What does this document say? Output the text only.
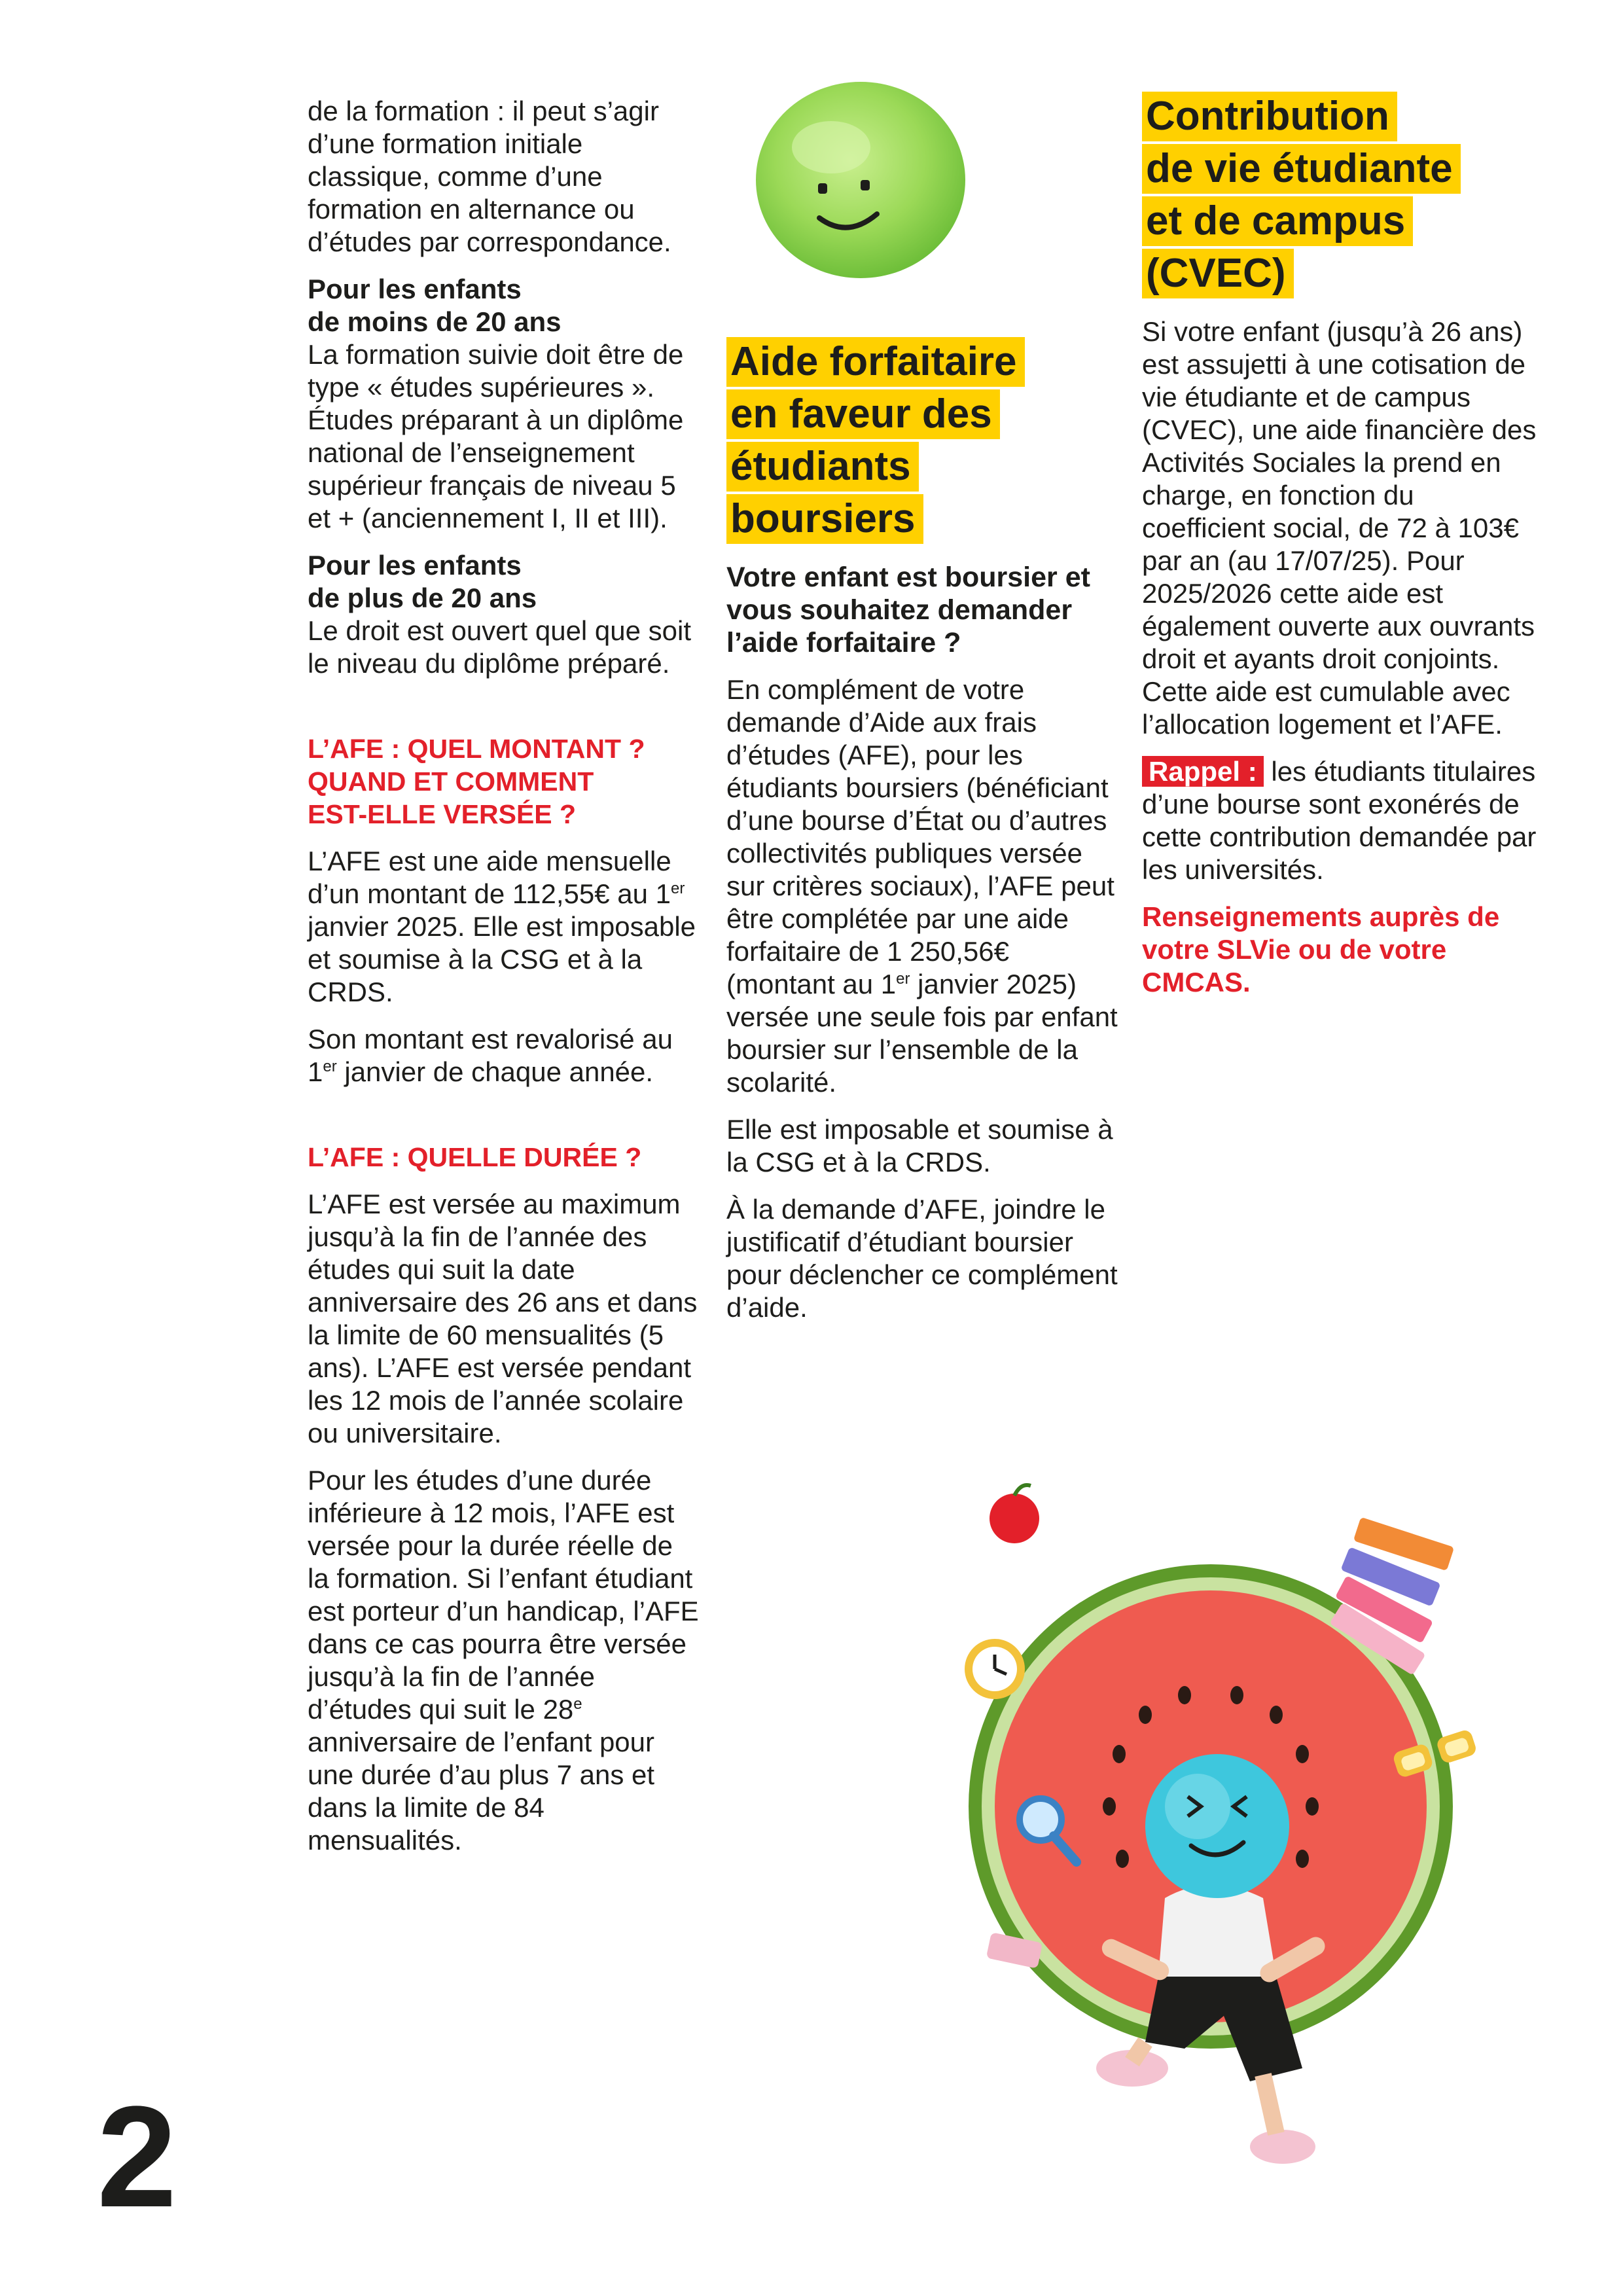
de la formation : il peut s’agir d’une formation initiale classique, comme d’une formation en alternance ou d’études par correspondance.

Pour les enfants
de moins de 20 ans

La formation suivie doit être de type « études supérieures ». Études préparant à un diplôme national de l’enseignement supérieur français de niveau 5 et + (anciennement I, II et III).

Pour les enfants
de plus de 20 ans

Le droit est ouvert quel que soit le niveau du diplôme préparé.

L’AFE : QUEL MONTANT ?
QUAND ET COMMENT
EST-ELLE VERSÉE ?

L’AFE est une aide mensuelle d’un montant de 112,55€ au 1er janvier 2025. Elle est imposable et soumise à la CSG et à la CRDS.

Son montant est revalorisé au 1er janvier de chaque année.

L’AFE : QUELLE DURÉE ?

L’AFE est versée au maximum jusqu’à la fin de l’année des études qui suit la date anniversaire des 26 ans et dans la limite de 60 mensualités (5 ans). L’AFE est versée pendant les 12 mois de l’année scolaire ou universitaire.

Pour les études d’une durée inférieure à 12 mois, l’AFE est versée pour la durée réelle de la formation. Si l’enfant étudiant est porteur d’un handicap, l’AFE dans ce cas pourra être versée jusqu’à la fin de l’année d’études qui suit le 28e anniversaire de l’enfant pour une durée d’au plus 7 ans et dans la limite de 84 mensualités.

Aide forfaitaire
en faveur des
étudiants
boursiers

Votre enfant est boursier et vous souhaitez demander l’aide forfaitaire ?

En complément de votre demande d’Aide aux frais d’études (AFE), pour les étudiants boursiers (bénéficiant d’une bourse d’État ou d’autres collectivités publiques versée sur critères sociaux), l’AFE peut être complétée par une aide forfaitaire de 1 250,56€ (montant au 1er janvier 2025) versée une seule fois par enfant boursier sur l’ensemble de la scolarité.

Elle est imposable et soumise à la CSG et à la CRDS.

À la demande d’AFE, joindre le justificatif d’étudiant boursier pour déclencher ce complément d’aide.

Contribution
de vie étudiante
et de campus
(CVEC)

Si votre enfant (jusqu’à 26 ans) est assujetti à une cotisation de vie étudiante et de campus (CVEC), une aide financière des Activités Sociales la prend en charge, en fonction du coefficient social, de 72 à 103€ par an (au 17/07/25). Pour 2025/2026 cette aide est également ouverte aux ouvrants droit et ayants droit conjoints. Cette aide est cumulable avec l’allocation logement et l’AFE.

Rappel : les étudiants titulaires d’une bourse sont exonérés de cette contribution demandée par les universités.

Renseignements auprès de votre SLVie ou de votre CMCAS.

2
